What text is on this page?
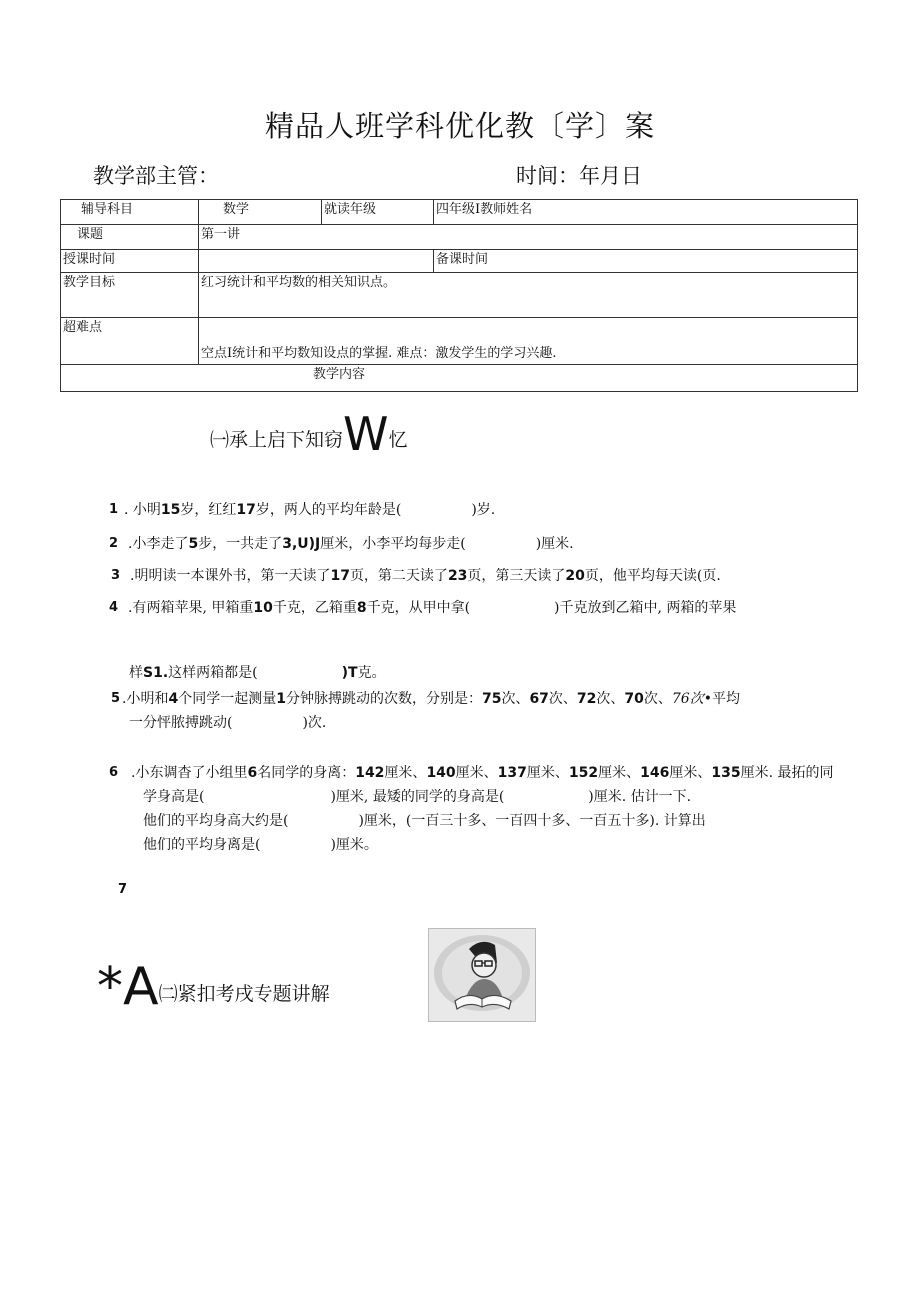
精品人班学科优化教〔学〕案
教学部主管：	时间：年月日
辅导科目	数学	就读年级	四年级I教师姓名
课题	第一讲		
授课时间			备课时间
教学目标	红习统计和平均数的相关知识点。		
超难点	空点I统计和平均数知设点的掌握. 难点：激发学生的学习兴趣.		
教学内容			
㈠承上启下知窃W忆
1 . 小明15岁，红红17岁，两人的平均年龄是(　　　　　)岁.
2 .小李走了5步，一共走了3,U)J厘米，小李平均每步走(　　　　　)厘米.
3 .明明读一本课外书，第一天读了17页，第二天读了23页，第三天读了20页，他平均每天读(页.
4 .有两箱苹果, 甲箱重10千克，乙箱重8千克，从甲中拿(　　　　　　)千克放到乙箱中, 两箱的苹果
样S1.这样两箱都是(　　　　　　)T克。
5 .小明和4个同学一起测量1分钟脉搏跳动的次数，分别是：75次、67次、72次、70次、76次•平均
一分怦脓搏跳动(　　　　　)次.
6 .小东调杳了小组里6名同学的身离：142厘米、140厘米、137厘米、152厘米、146厘米、135厘米. 最拓的同
学身高是(　　　　　　　　　)厘米, 最矮的同学的身高是(　　　　　　)厘米. 估计一下.
他们的平均身高大约是(　　　　　)厘米，(一百三十多、一百四十多、一百五十多). 计算出
他们的平均身离是(　　　　　)厘米。
7
*A㈡紧扣考戌专题讲解
